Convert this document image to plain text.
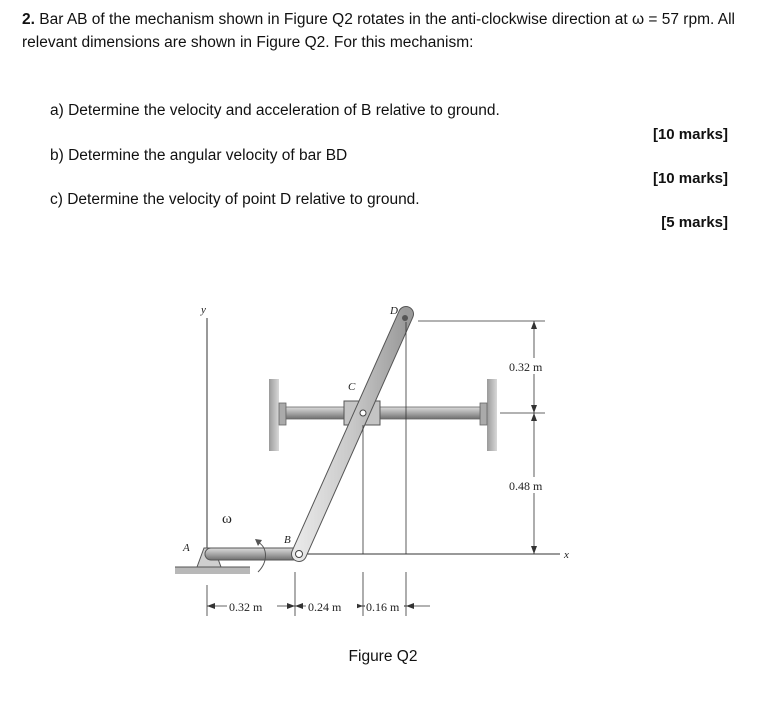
2. Bar AB of the mechanism shown in Figure Q2 rotates in the anti-clockwise direction at ω = 57 rpm. All relevant dimensions are shown in Figure Q2. For this mechanism:
a) Determine the velocity and acceleration of B relative to ground.
[10 marks]
b) Determine the angular velocity of bar BD
[10 marks]
c) Determine the velocity of point D relative to ground.
[5 marks]
y
x
A
B
ω
C
D
0.32 m
0.48 m
0.32 m	0.24 m 0.16 m
Figure Q2
